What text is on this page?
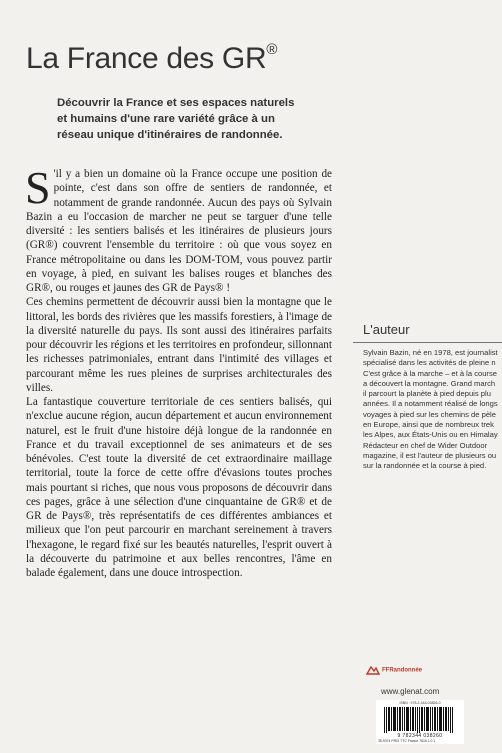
La France des GR®
Découvrir la France et ses espaces naturels
et humains d'une rare variété grâce à un
réseau unique d'itinéraires de randonnée.

S 'il y a bien un domaine où la France occupe une position de pointe, c'est dans son offre de sentiers de randonnée, et notamment de grande randonnée. Aucun des pays où Sylvain Bazin a eu l'occasion de marcher ne peut se targuer d'une telle diversité : les sentiers balisés et les itinéraires de plusieurs jours (GR®) couvrent l'ensemble du territoire : où que vous soyez en France métropolitaine ou dans les DOM-TOM, vous pouvez partir en voyage, à pied, en suivant les balises rouges et blanches des GR®, ou rouges et jaunes des GR de Pays® !

Ces chemins permettent de découvrir aussi bien la montagne que le littoral, les bords des rivières que les massifs forestiers, à l'image de la diversité naturelle du pays. Ils sont aussi des itinéraires parfaits pour découvrir les régions et les territoires en profondeur, sillonnant les richesses patrimoniales, entrant dans l'intimité des villages et parcourant même les rues pleines de surprises architecturales des villes.

La fantastique couverture territoriale de ces sentiers balisés, qui n'exclue aucune région, aucun département et aucun environnement naturel, est le fruit d'une histoire déjà longue de la randonnée en France et du travail exceptionnel de ses animateurs et de ses bénévoles. C'est toute la diversité de cet extraordinaire maillage territorial, toute la force de cette offre d'évasions toutes proches mais pourtant si riches, que nous vous proposons de découvrir dans ces pages, grâce à une sélection d'une cinquantaine de GR® et de GR de Pays®, très représentatifs de ces différentes ambiances et milieux que l'on peut parcourir en marchant sereinement à travers l'hexagone, le regard fixé sur les beautés naturelles, l'esprit ouvert à la découverte du patrimoine et aux belles rencontres, l'âme en balade également, dans une douce introspection.

L'auteur
Sylvain Bazin, né en 1978, est journalist
spécialisé dans les activités de pleine n
C'est grâce à la marche – et à la course
a découvert la montagne. Grand march
il parcourt la planète à pied depuis plu
années. Il a notamment réalisé de longs
voyages à pied sur les chemins de pèle
en Europe, ainsi que de nombreux trek
les Alpes, aux États-Unis ou en Himalay
Rédacteur en chef de Wider Outdoor
magazine, il est l'auteur de plusieurs ou
sur la randonnée et la course à pied.
FFRandonnée
www.glenat.com
ISBN : 978-2-344-03826-0
9 782344 038260
35-9374 PRIX TTC France 7816 1 0 1
